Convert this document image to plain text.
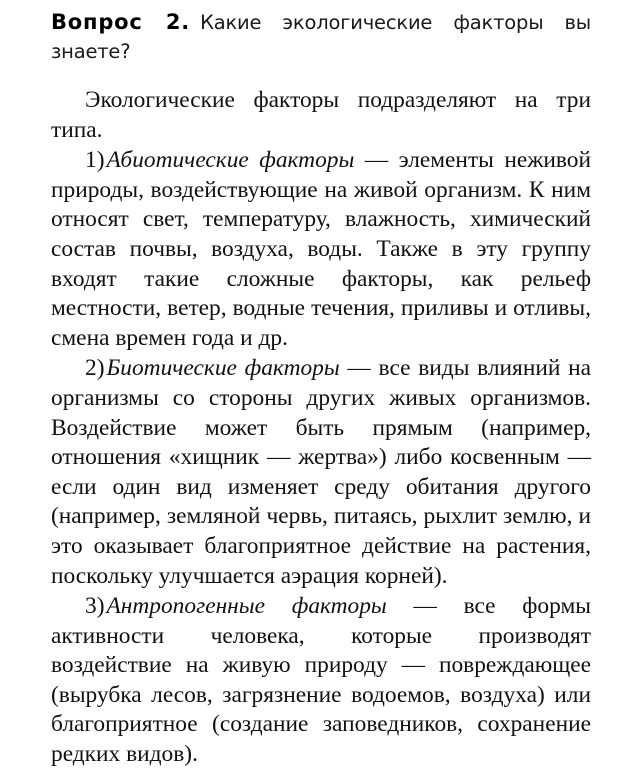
Вопрос 2. Какие экологические факторы вы знаете?

Экологические факторы подразделяют на три типа.

1)Абиотические факторы — элементы неживой природы, воздействующие на живой организм. К ним относят свет, температуру, влажность, химический состав почвы, воздуха, воды. Также в эту группу входят такие сложные факторы, как рельеф местности, ветер, водные течения, приливы и отливы, смена времен года и др.

2)Биотические факторы — все виды влияний на организмы со стороны других живых организмов. Воздействие может быть прямым (например, отношения «хищник — жертва») либо косвенным — если один вид изменяет среду обитания другого (например, земляной червь, питаясь, рыхлит землю, и это оказывает благоприятное действие на растения, поскольку улучшается аэрация корней).

3)Антропогенные факторы — все формы активности человека, которые производят воздействие на живую природу — повреждающее (вырубка лесов, загрязнение водоемов, воздуха) или благоприятное (создание заповедников, сохранение редких видов).
